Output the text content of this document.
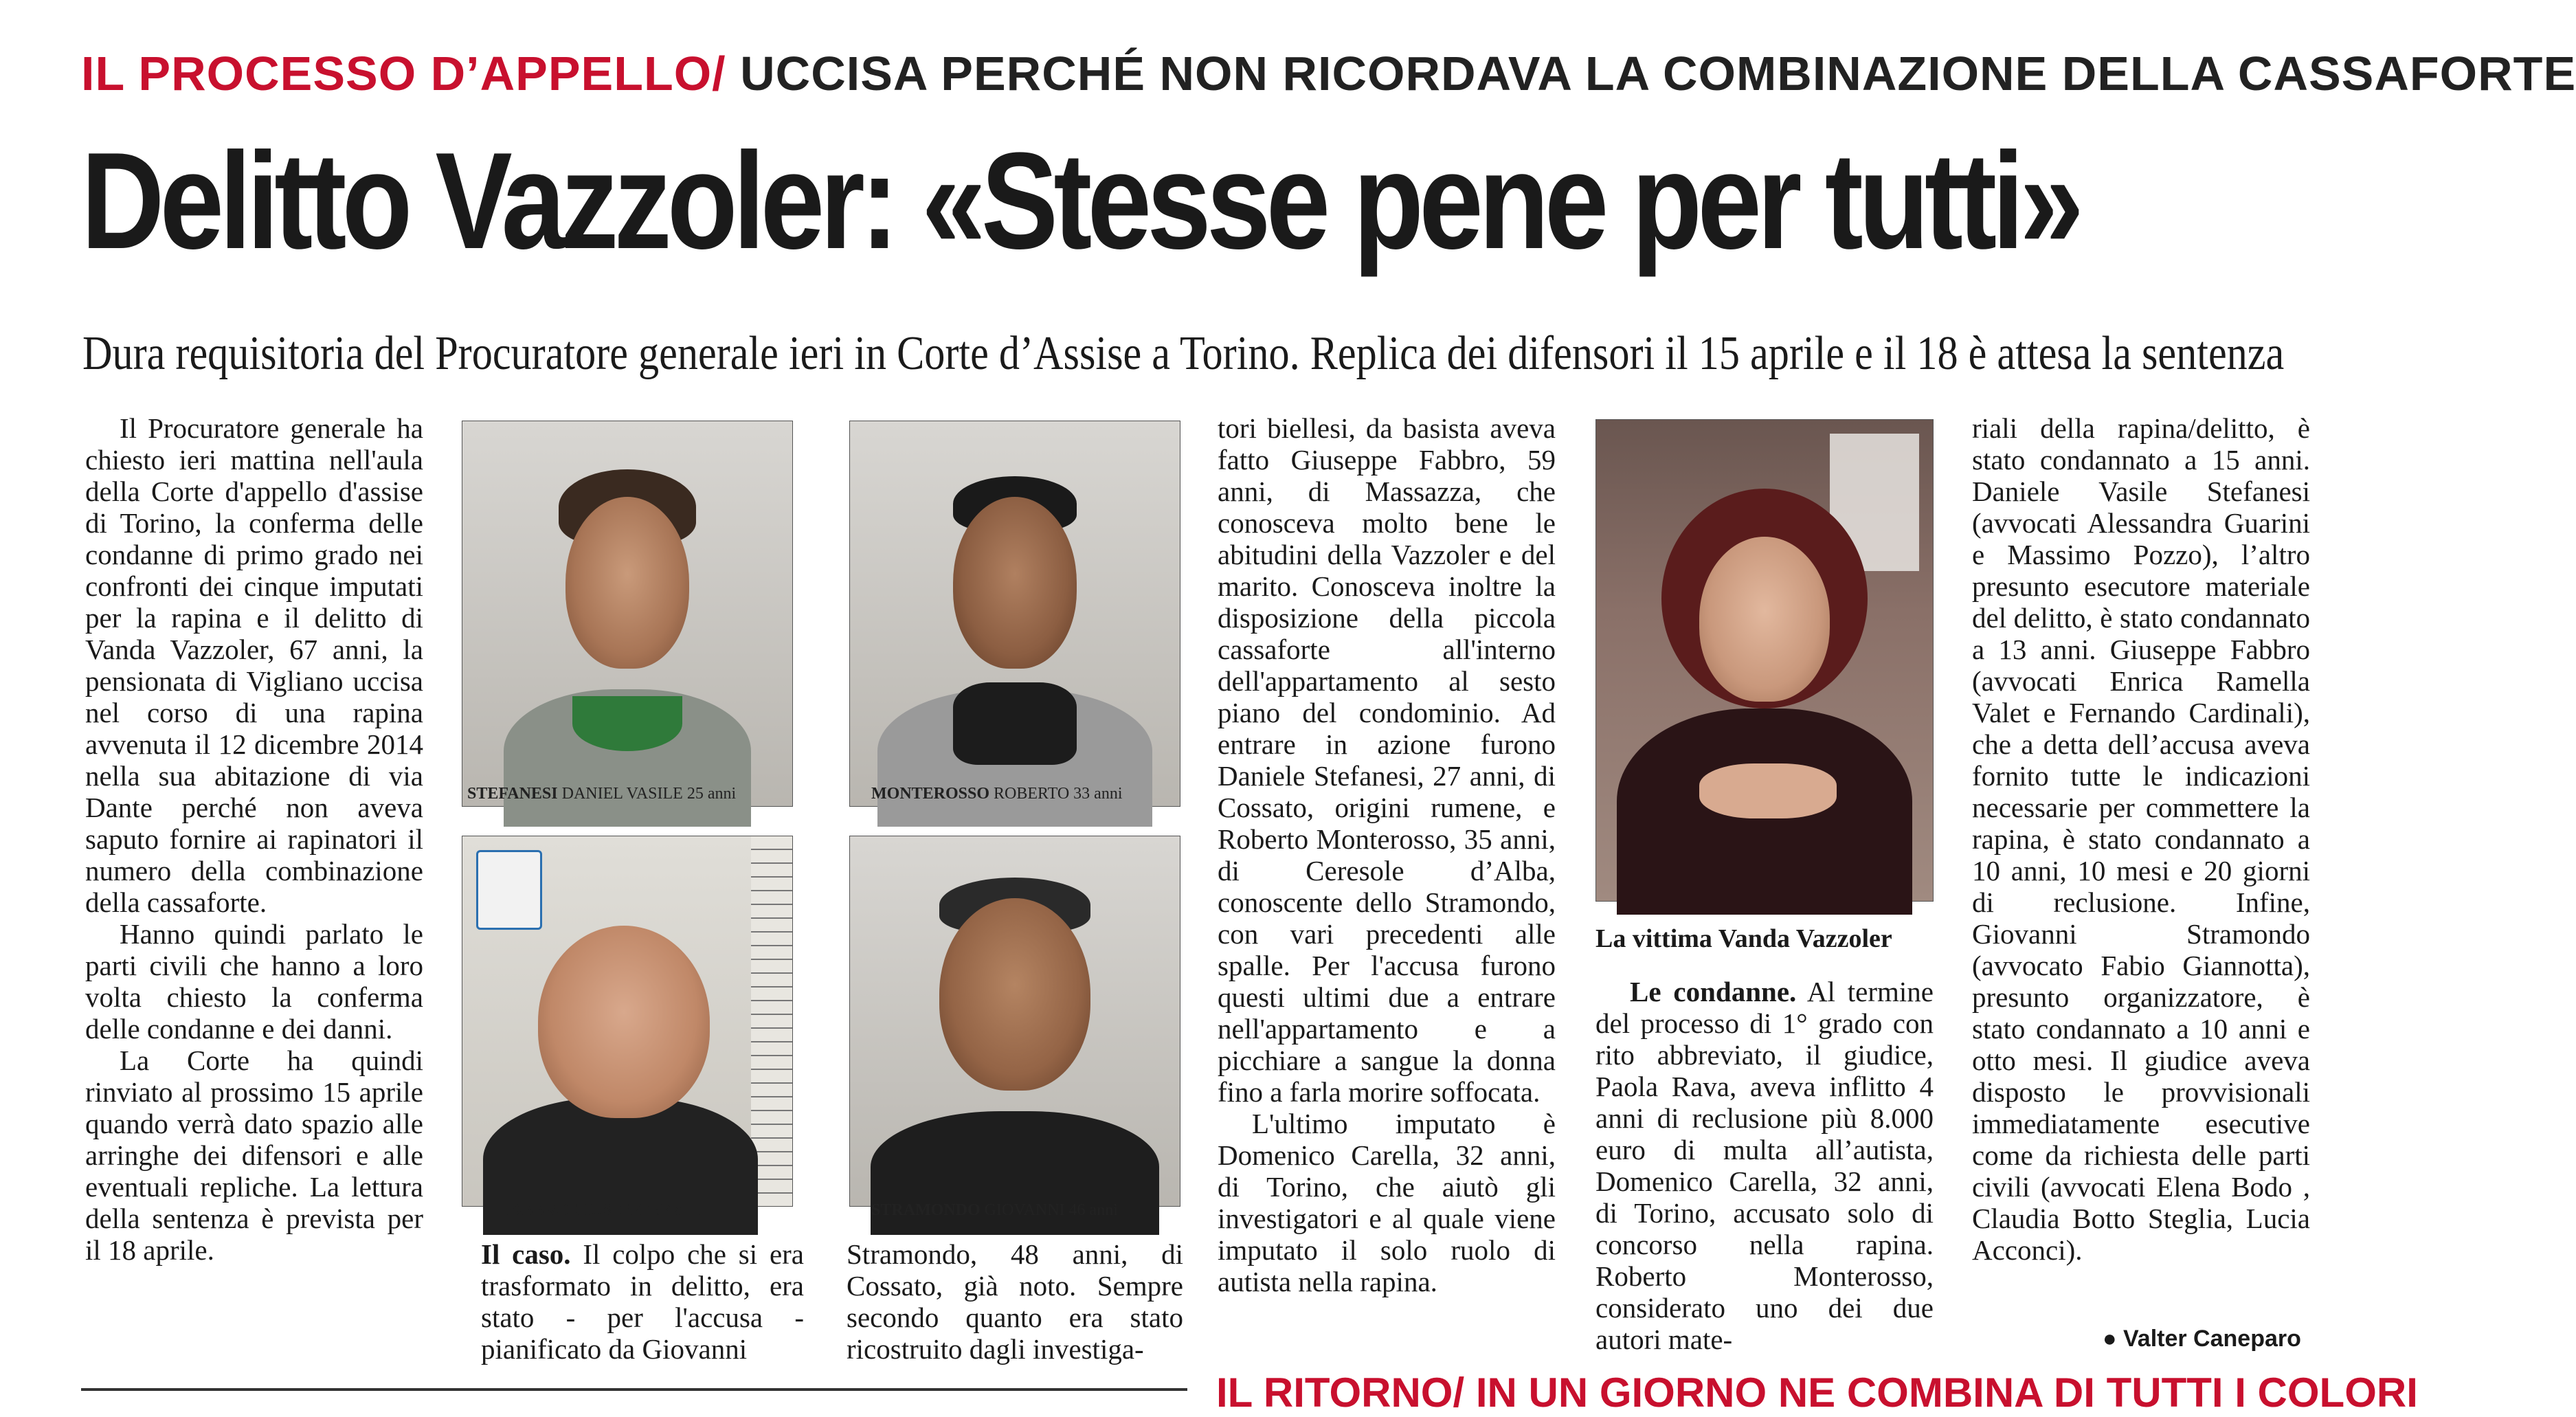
IL PROCESSO D’APPELLO/ UCCISA PERCHÉ NON RICORDAVA LA COMBINAZIONE DELLA CASSAFORTE
Delitto Vazzoler: «Stesse pene per tutti»
Dura requisitoria del Procuratore generale ieri in Corte d’Assise a Torino. Replica dei difensori il 15 aprile e il 18 è attesa la sentenza

Il Procuratore generale ha chiesto ieri mattina nell'aula della Corte d'appello d'assise di Torino, la conferma delle condanne di primo grado nei confronti dei cinque imputati per la rapina e il delitto di Vanda Vazzoler, 67 anni, la pensionata di Vigliano uccisa nel corso di una rapina avvenuta il 12 dicembre 2014 nella sua abitazione di via Dante perché non aveva saputo fornire ai rapinatori il numero della combinazione della cassaforte.

Hanno quindi parlato le parti civili che hanno a loro volta chiesto la conferma delle condanne e dei danni.

La Corte ha quindi rinviato al prossimo 15 aprile quando verrà dato spazio alle arringhe dei difensori e alle eventuali repliche. La lettura della sentenza è prevista per il 18 aprile.

STEFANESI DANIEL VASILE 25 anni	MONTEROSSO ROBERTO 33 anni
FABBRO GIUSEPPE 67 anni	STRAMONDO GIOVANNI 46 anni

Il caso. Il colpo che si era trasformato in delitto, era stato - per l'accusa - pianificato da Giovanni

Stramondo, 48 anni, di Cossato, già noto. Sempre secondo quanto era stato ricostruito dagli investiga-

tori biellesi, da basista aveva fatto Giuseppe Fabbro, 59 anni, di Massazza, che conosceva molto bene le abitudini della Vazzoler e del marito. Conosceva inoltre la disposizione della piccola cassaforte all'interno dell'appartamento al sesto piano del condominio. Ad entrare in azione furono Daniele Stefanesi, 27 anni, di Cossato, origini rumene, e Roberto Monterosso, 35 anni, di Ceresole d’Alba, conoscente dello Stramondo, con vari precedenti alle spalle. Per l'accusa furono questi ultimi due a entrare nell'appartamento e a picchiare a sangue la donna fino a farla morire soffocata.

L'ultimo imputato è Domenico Carella, 32 anni, di Torino, che aiutò gli investigatori e al quale viene imputato il solo ruolo di autista nella rapina.

La vittima Vanda Vazzoler

Le condanne. Al termine del processo di 1° grado con rito abbreviato, il giudice, Paola Rava, aveva inflitto 4 anni di reclusione più 8.000 euro di multa all’autista, Domenico Carella, 32 anni, di Torino, accusato solo di concorso nella rapina. Roberto Monterosso, considerato uno dei due autori mate-

riali della rapina/delitto, è stato condannato a 15 anni. Daniele Vasile Stefanesi (avvocati Alessandra Guarini e Massimo Pozzo), l’altro presunto esecutore materiale del delitto, è stato condannato a 13 anni. Giuseppe Fabbro (avvocati Enrica Ramella Valet e Fernando Cardinali), che a detta dell’accusa aveva fornito tutte le indicazioni necessarie per commettere la rapina, è stato condannato a 10 anni, 10 mesi e 20 giorni di reclusione. Infine, Giovanni Stramondo (avvocato Fabio Giannotta), presunto organizzatore, è stato condannato a 10 anni e otto mesi. Il giudice aveva disposto le provvisionali immediatamente esecutive come da richiesta delle parti civili (avvocati Elena Bodo , Claudia Botto Steglia, Lucia Acconci).

● Valter Caneparo
IL RITORNO/ IN UN GIORNO NE COMBINA DI TUTTI I COLORI
